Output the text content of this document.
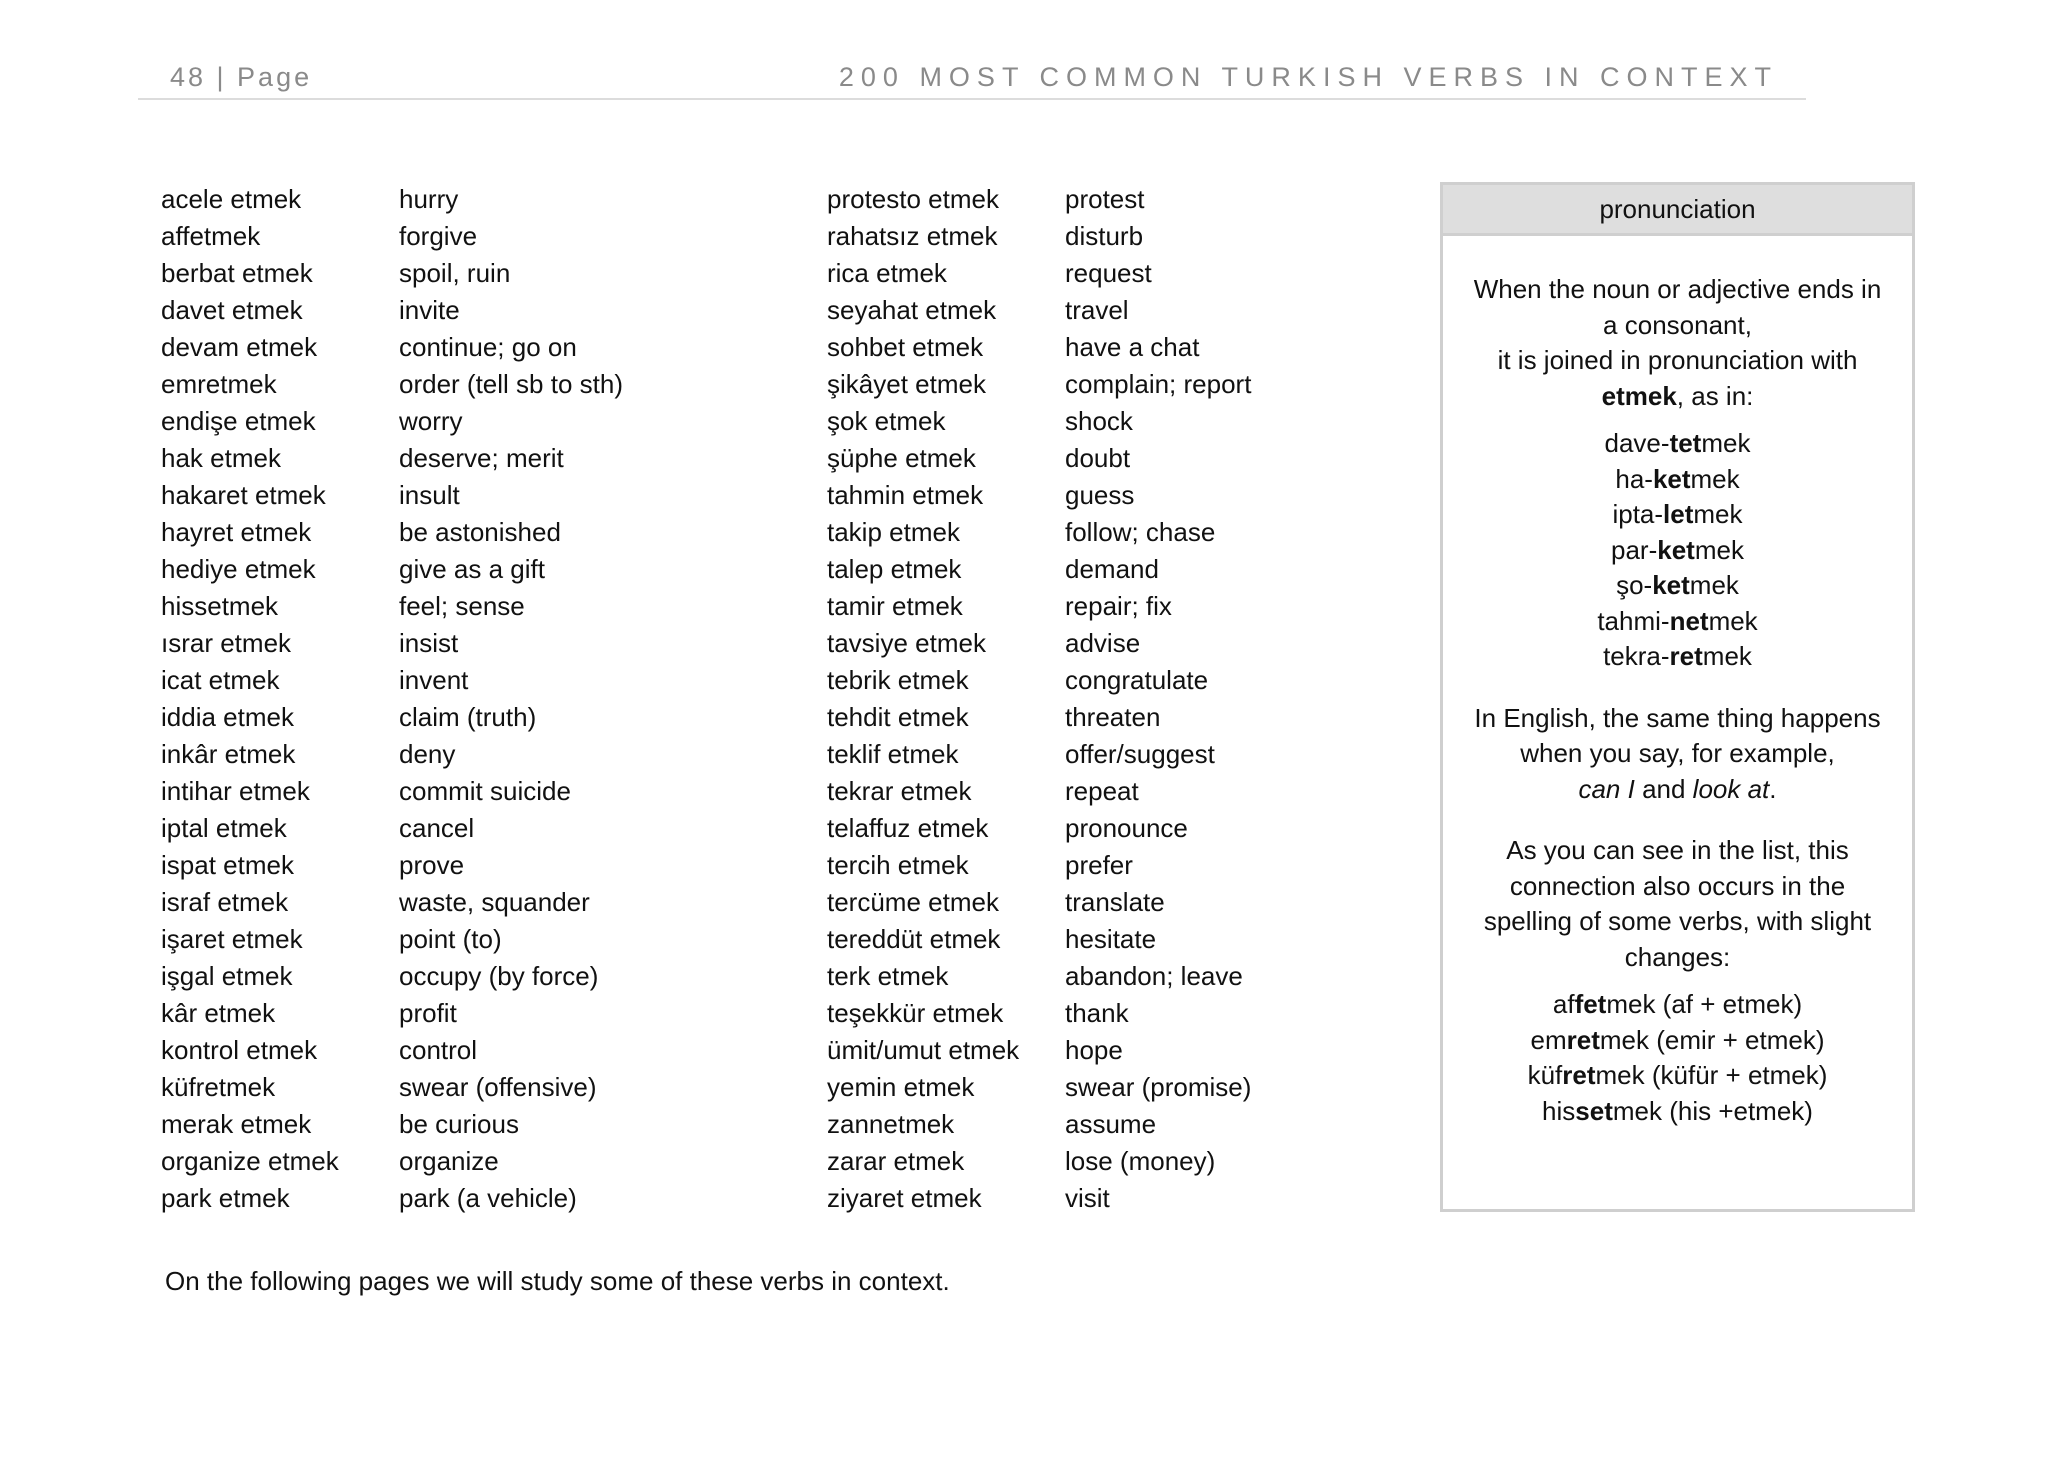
48 | Page	200 MOST COMMON TURKISH VERBS IN CONTEXT
acele etmek	hurry
affetmek	forgive
berbat etmek	spoil, ruin
davet etmek	invite
devam etmek	continue; go on
emretmek	order (tell sb to sth)
endişe etmek	worry
hak etmek	deserve; merit
hakaret etmek	insult
hayret etmek	be astonished
hediye etmek	give as a gift
hissetmek	feel; sense
ısrar etmek	insist
icat etmek	invent
iddia etmek	claim (truth)
inkâr etmek	deny
intihar etmek	commit suicide
iptal etmek	cancel
ispat etmek	prove
israf etmek	waste, squander
işaret etmek	point (to)
işgal etmek	occupy (by force)
kâr etmek	profit
kontrol etmek	control
küfretmek	swear (offensive)
merak etmek	be curious
organize etmek	organize
park etmek	park (a vehicle)
protesto etmek	protest
rahatsız etmek	disturb
rica etmek	request
seyahat etmek	travel
sohbet etmek	have a chat
şikâyet etmek	complain; report
şok etmek	shock
şüphe etmek	doubt
tahmin etmek	guess
takip etmek	follow; chase
talep etmek	demand
tamir etmek	repair; fix
tavsiye etmek	advise
tebrik etmek	congratulate
tehdit etmek	threaten
teklif etmek	offer/suggest
tekrar etmek	repeat
telaffuz etmek	pronounce
tercih etmek	prefer
tercüme etmek	translate
tereddüt etmek	hesitate
terk etmek	abandon; leave
teşekkür etmek	thank
ümit/umut etmek	hope
yemin etmek	swear (promise)
zannetmek	assume
zarar etmek	lose (money)
ziyaret etmek	visit
pronunciation

When the noun or adjective ends in

a consonant,

it is joined in pronunciation with

etmek, as in:

dave-tetmek

ha-ketmek

ipta-letmek

par-ketmek

şo-ketmek

tahmi-netmek

tekra-retmek

In English, the same thing happens

when you say, for example,

can I and look at.

As you can see in the list, this

connection also occurs in the

spelling of some verbs, with slight

changes:

affetmek (af + etmek)

emretmek (emir + etmek)

küfretmek (küfür + etmek)

hissetmek (his +etmek)

On the following pages we will study some of these verbs in context.
